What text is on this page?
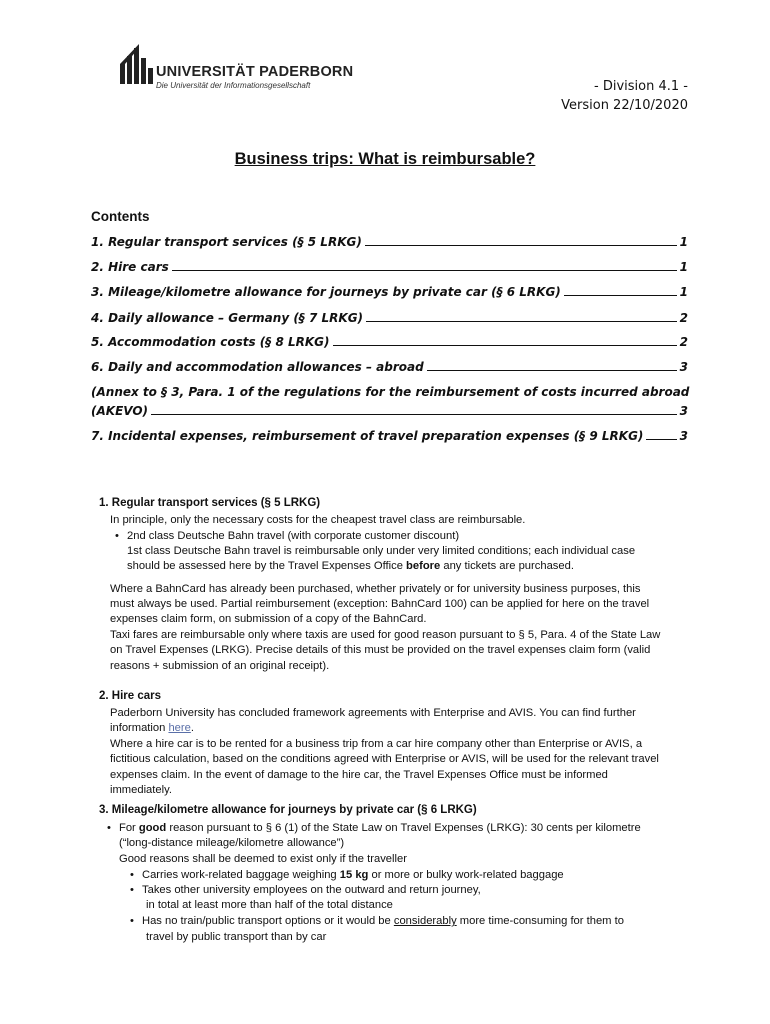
UNIVERSITÄT PADERBORN
Die Universität der Informationsgesellschaft	- Division 4.1 -
Version 22/10/2020
Business trips: What is reimbursable?
Contents
1. Regular transport services (§ 5 LRKG)	1
2. Hire cars	1
3. Mileage/kilometre allowance for journeys by private car (§ 6 LRKG)	1
4. Daily allowance – Germany (§ 7 LRKG)	2
5. Accommodation costs (§ 8 LRKG)	2
6. Daily and accommodation allowances – abroad	3
(Annex to § 3, Para. 1 of the regulations for the reimbursement of costs incurred abroad
(AKEVO)	3
7. Incidental expenses, reimbursement of travel preparation expenses (§ 9 LRKG)	3
1. Regular transport services (§ 5 LRKG)
In principle, only the necessary costs for the cheapest travel class are reimbursable.
• 2nd class Deutsche Bahn travel (with corporate customer discount)
1st class Deutsche Bahn travel is reimbursable only under very limited conditions; each individual case
should be assessed here by the Travel Expenses Office before any tickets are purchased.
Where a BahnCard has already been purchased, whether privately or for university business purposes, this
must always be used. Partial reimbursement (exception: BahnCard 100) can be applied for here on the travel
expenses claim form, on submission of a copy of the BahnCard.
Taxi fares are reimbursable only where taxis are used for good reason pursuant to § 5, Para. 4 of the State Law
on Travel Expenses (LRKG). Precise details of this must be provided on the travel expenses claim form (valid
reasons + submission of an original receipt).
2. Hire cars
Paderborn University has concluded framework agreements with Enterprise and AVIS. You can find further
information here.
Where a hire car is to be rented for a business trip from a car hire company other than Enterprise or AVIS, a
fictitious calculation, based on the conditions agreed with Enterprise or AVIS, will be used for the relevant travel
expenses claim. In the event of damage to the hire car, the Travel Expenses Office must be informed
immediately.
3. Mileage/kilometre allowance for journeys by private car (§ 6 LRKG)
• For good reason pursuant to § 6 (1) of the State Law on Travel Expenses (LRKG): 30 cents per kilometre
(“long-distance mileage/kilometre allowance”)
Good reasons shall be deemed to exist only if the traveller
• Carries work-related baggage weighing 15 kg or more or bulky work-related baggage
• Takes other university employees on the outward and return journey,
in total at least more than half of the total distance
• Has no train/public transport options or it would be considerably more time-consuming for them to
travel by public transport than by car
